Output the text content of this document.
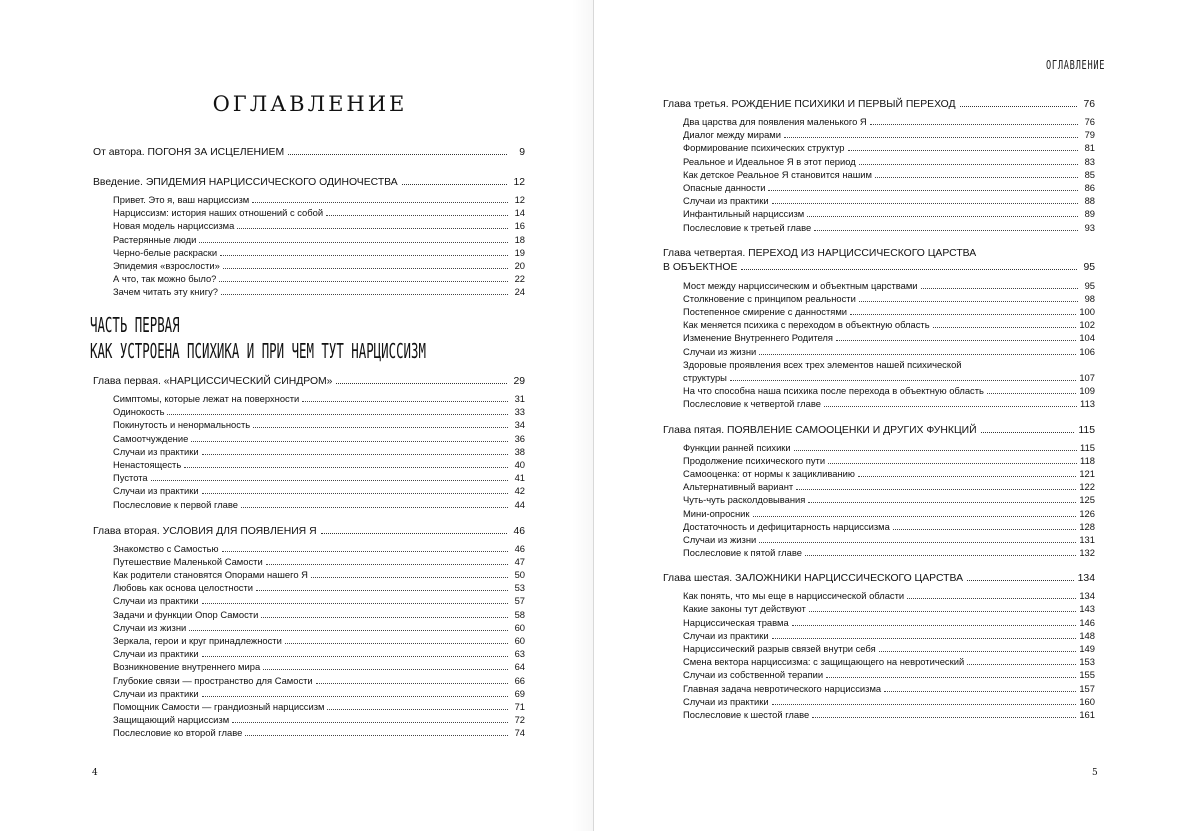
ОГЛАВЛЕНИЕ
ОГЛАВЛЕНИЕ
От автора. ПОГОНЯ ЗА ИСЦЕЛЕНИЕМ	9
Введение. ЭПИДЕМИЯ НАРЦИССИЧЕСКОГО ОДИНОЧЕСТВА	12
Привет. Это я, ваш нарциссизм	12
Нарциссизм: история наших отношений с собой	14
Новая модель нарциссизма	16
Растерянные люди	18
Черно-белые раскраски	19
Эпидемия «взрослости»	20
А что, так можно было?	22
Зачем читать эту книгу?	24
ЧАСТЬ ПЕРВАЯ
КАК УСТРОЕНА ПСИХИКА И ПРИ ЧЕМ ТУТ НАРЦИССИЗМ
Глава первая. «НАРЦИССИЧЕСКИЙ СИНДРОМ»	29
Симптомы, которые лежат на поверхности	31
Одинокость	33
Покинутость и ненормальность	34
Самоотчуждение	36
Случаи из практики	38
Ненастоящесть	40
Пустота	41
Случаи из практики	42
Послесловие к первой главе	44
Глава вторая. УСЛОВИЯ ДЛЯ ПОЯВЛЕНИЯ Я	46
Знакомство с Самостью	46
Путешествие Маленькой Самости	47
Как родители становятся Опорами нашего Я	50
Любовь как основа целостности	53
Случаи из практики	57
Задачи и функции Опор Самости	58
Случаи из жизни	60
Зеркала, герои и круг принадлежности	60
Случаи из практики	63
Возникновение внутреннего мира	64
Глубокие связи — пространство для Самости	66
Случаи из практики	69
Помощник Самости — грандиозный нарциссизм	71
Защищающий нарциссизм	72
Послесловие ко второй главе	74
Глава третья. РОЖДЕНИЕ ПСИХИКИ И ПЕРВЫЙ ПЕРЕХОД	76
Два царства для появления маленького Я	76
Диалог между мирами	79
Формирование психических структур	81
Реальное и Идеальное Я в этот период	83
Как детское Реальное Я становится нашим	85
Опасные данности	86
Случаи из практики	88
Инфантильный нарциссизм	89
Послесловие к третьей главе	93
Глава четвертая. ПЕРЕХОД ИЗ НАРЦИССИЧЕСКОГО ЦАРСТВА
В ОБЪЕКТНОЕ	95
Мост между нарциссическим и объектным царствами	95
Столкновение с принципом реальности	98
Постепенное смирение с данностями	100
Как меняется психика с переходом в объектную область	102
Изменение Внутреннего Родителя	104
Случаи из жизни	106
Здоровые проявления всех трех элементов нашей психической
структуры	107
На что способна наша психика после перехода в объектную область	109
Послесловие к четвертой главе	113
Глава пятая. ПОЯВЛЕНИЕ САМООЦЕНКИ И ДРУГИХ ФУНКЦИЙ	115
Функции ранней психики	115
Продолжение психического пути	118
Самооценка: от нормы к зацикливанию	121
Альтернативный вариант	122
Чуть-чуть расколдовывания	125
Мини-опросник	126
Достаточность и дефицитарность нарциссизма	128
Случаи из жизни	131
Послесловие к пятой главе	132
Глава шестая. ЗАЛОЖНИКИ НАРЦИССИЧЕСКОГО ЦАРСТВА	134
Как понять, что мы еще в нарциссической области	134
Какие законы тут действуют	143
Нарциссическая травма	146
Случаи из практики	148
Нарциссический разрыв связей внутри себя	149
Смена вектора нарциссизма: с защищающего на невротический	153
Случаи из собственной терапии	155
Главная задача невротического нарциссизма	157
Случаи из практики	160
Послесловие к шестой главе	161
4	5
